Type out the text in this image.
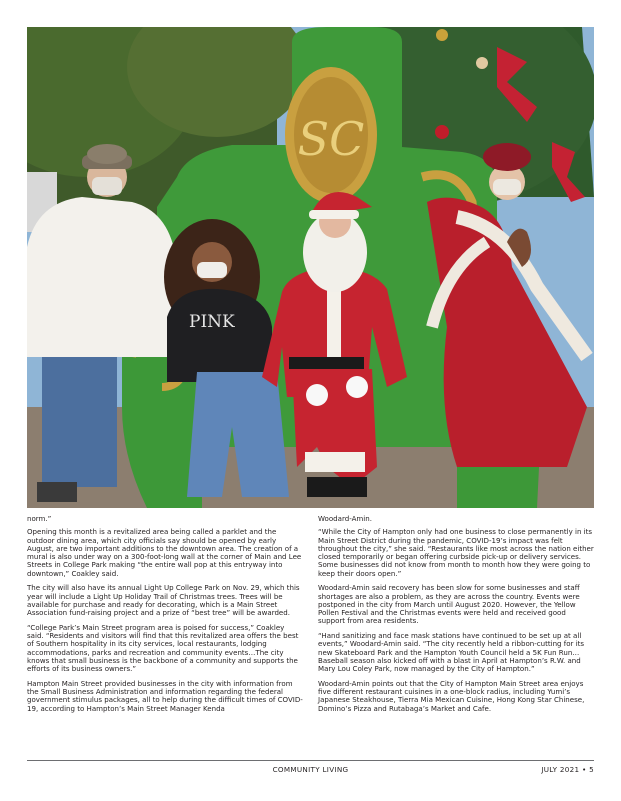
SC
PINK

norm.”

Opening this month is a revitalized area being called a parklet and the outdoor dining area, which city officials say should be opened by early August, are two important additions to the downtown area. The creation of a mural is also under way on a 300-foot-long wall at the corner of Main and Lee Streets in College Park making “the entire wall pop at this entryway into downtown,” Coakley said.

The city will also have its annual Light Up College Park on Nov. 29, which this year will include a Light Up Holiday Trail of Christmas trees. Trees will be available for purchase and ready for decorating, which is a Main Street Association fund-raising project and a prize of “best tree” will be awarded.

“College Park’s Main Street program area is poised for success,” Coakley said. “Residents and visitors will find that this revitalized area offers the best of Southern hospitality in its city services, local restaurants, lodging accommodations, parks and recreation and community events…The city knows that small business is the backbone of a community and supports the efforts of its business owners.”

Hampton Main Street provided businesses in the city with information from the Small Business Administration and information regarding the federal government stimulus packages, all to help during the difficult times of COVID-19, according to Hampton’s Main Street Manager Kenda

Woodard-Amin.

“While the City of Hampton only had one business to close permanently in its Main Street District during the pandemic, COVID-19’s impact was felt throughout the city,” she said. “Restaurants like most across the nation either closed temporarily or began offering curbside pick-up or delivery services. Some businesses did not know from month to month how they were going to keep their doors open.”

Woodard-Amin said recovery has been slow for some businesses and staff shortages are also a problem, as they are across the country. Events were postponed in the city from March until August 2020. However, the Yellow Pollen Festival and the Christmas events were held and received good support from area residents.

“Hand sanitizing and face mask stations have continued to be set up at all events,” Woodard-Amin said. “The city recently held a ribbon-cutting for its new Skateboard Park and the Hampton Youth Council held a 5K Fun Run…Baseball season also kicked off with a blast in April at Hampton’s R.W. and Mary Lou Coley Park, now managed by the City of Hampton.”

Woodard-Amin points out that the City of Hampton Main Street area enjoys five different restaurant cuisines in a one-block radius, including Yumi’s Japanese Steakhouse, Tierra Mia Mexican Cuisine, Hong Kong Star Chinese, Domino’s Pizza and Rutabaga’s Market and Cafe.

COMMUNITY LIVING	JULY 2021 • 5
